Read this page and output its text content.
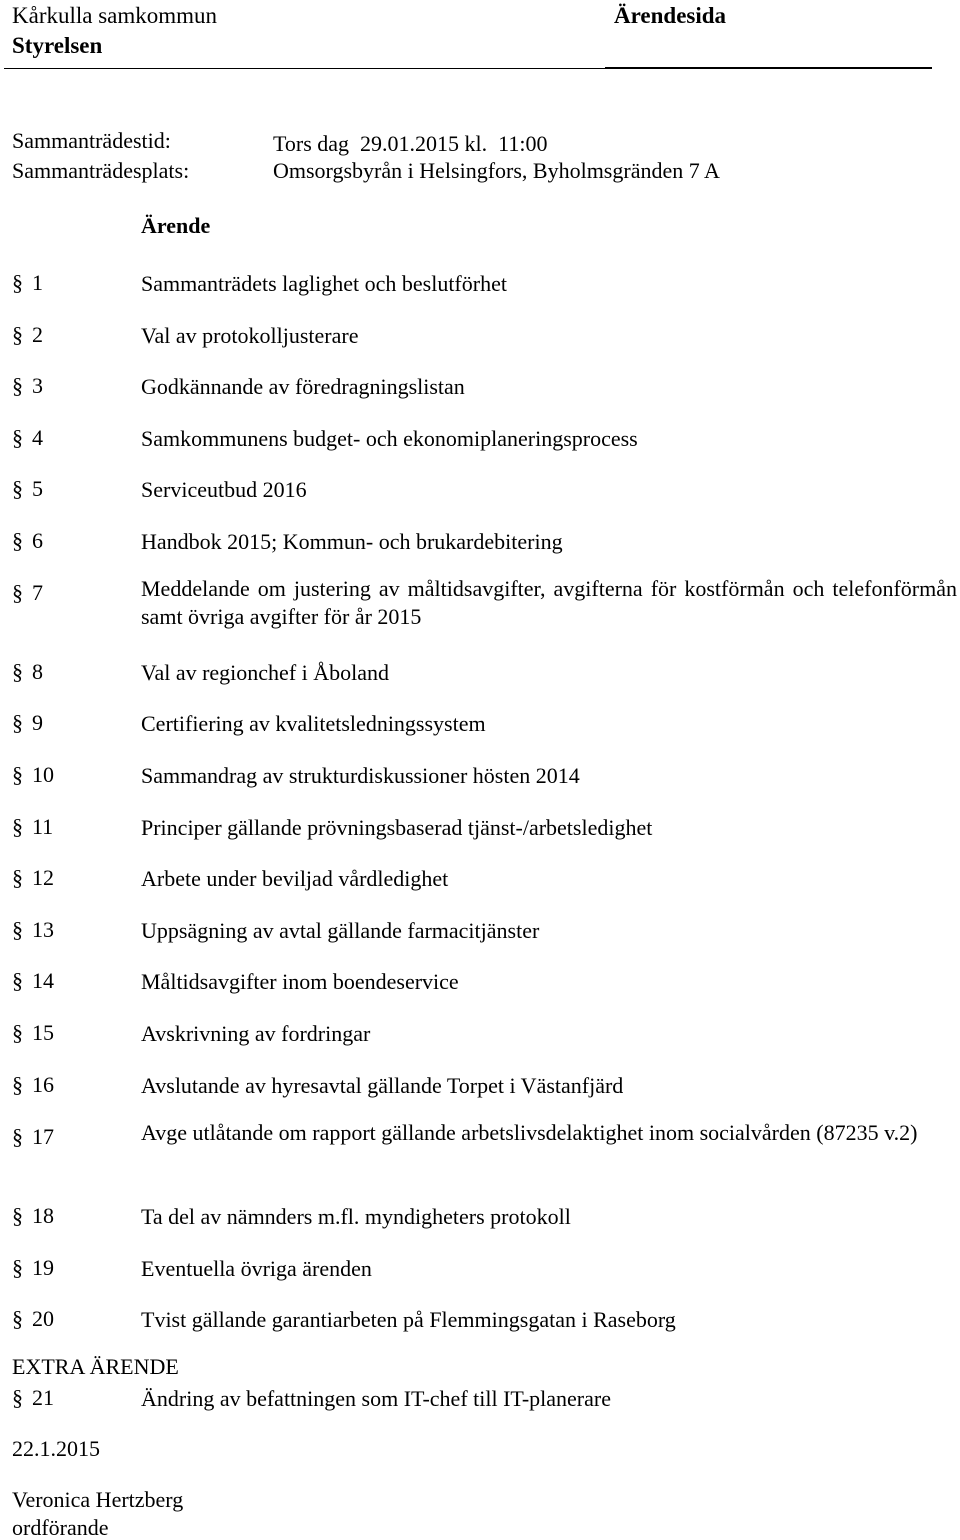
Kårkulla samkommun
Styrelsen
Ärendesida
Sammanträdestid:	Tors dag  29.01.2015 kl.  11:00
Sammanträdesplats:	Omsorgsbyrån i Helsingfors, Byholmsgränden 7 A
Ärende
§ 1	Sammanträdets laglighet och beslutförhet
§ 2	Val av protokolljusterare
§ 3	Godkännande av föredragningslistan
§ 4	Samkommunens budget- och ekonomiplaneringsprocess
§ 5	Serviceutbud 2016
§ 6	Handbok 2015; Kommun- och brukardebitering
§ 7	Meddelande om justering av måltidsavgifter, avgifterna för kostförmån och telefonförmån samt övriga avgifter för år 2015
§ 8	Val av regionchef i Åboland
§ 9	Certifiering av kvalitetsledningssystem
§ 10	Sammandrag av strukturdiskussioner hösten 2014
§ 11	Principer gällande prövningsbaserad tjänst-/arbetsledighet
§ 12	Arbete under beviljad vårdledighet
§ 13	Uppsägning av avtal gällande farmacitjänster
§ 14	Måltidsavgifter inom boendeservice
§ 15	Avskrivning av fordringar
§ 16	Avslutande av hyresavtal gällande Torpet i Västanfjärd
§ 17	Avge utlåtande om rapport gällande arbetslivsdelaktighet inom socialvården (87235 v.2)
§ 18	Ta del av nämnders m.fl. myndigheters protokoll
§ 19	Eventuella övriga ärenden
§ 20	Tvist gällande garantiarbeten på Flemmingsgatan i Raseborg
EXTRA ÄRENDE
§ 21	Ändring av befattningen som IT-chef till IT-planerare
22.1.2015
Veronica Hertzberg
ordförande
